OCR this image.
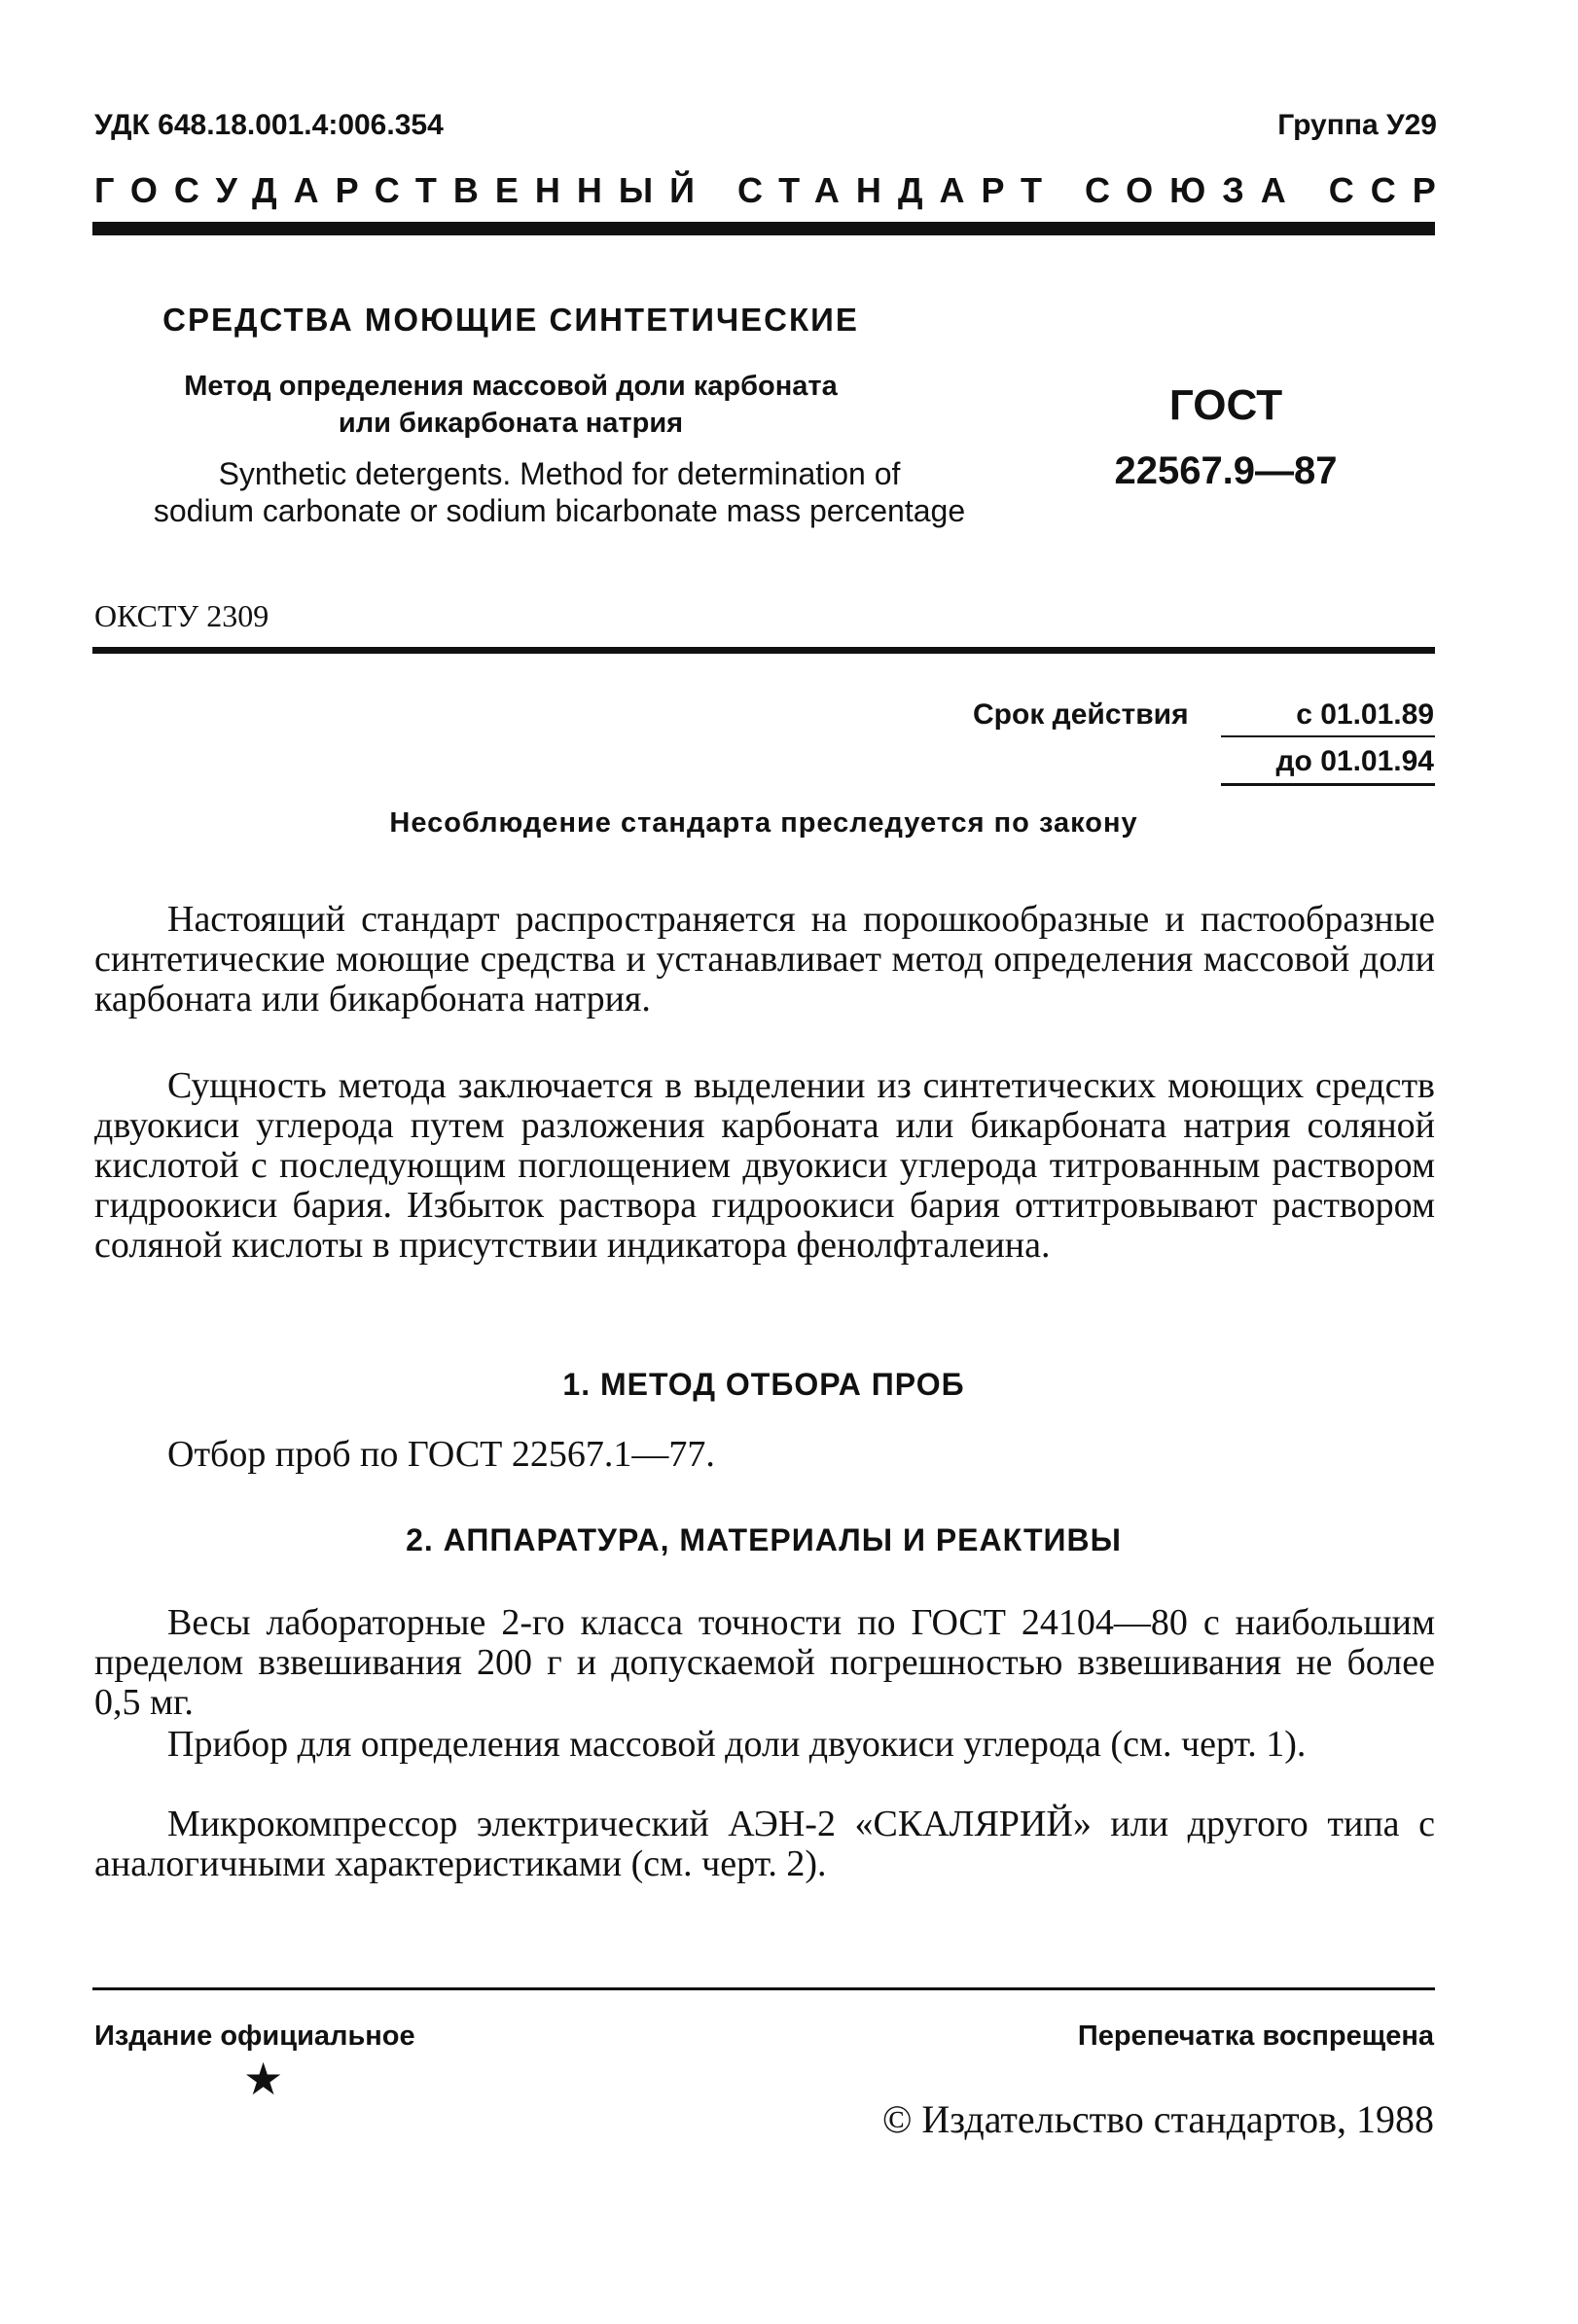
УДК 648.18.001.4:006.354	Группа У29
ГОСУДАРСТВЕННЫЙ СТАНДАРТ СОЮЗА ССР
СРЕДСТВА МОЮЩИЕ СИНТЕТИЧЕСКИЕ
Метод определения массовой доли карбоната
или бикарбоната натрия	ГОСТ
22567.9—87
Synthetic detergents. Method for determination of
sodium carbonate or sodium bicarbonate mass percentage
ОКСТУ 2309
Срок действия	с 01.01.89
до 01.01.94
Несоблюдение стандарта преследуется по закону

Настоящий стандарт распространяется на порошкообразные и пастообразные синтетические моющие средства и устанавливает метод определения массовой доли карбоната или бикарбоната натрия.

Сущность метода заключается в выделении из синтетических моющих средств двуокиси углерода путем разложения карбоната или бикарбоната натрия соляной кислотой с последующим поглощением двуокиси углерода титрованным раствором гидроокиси бария. Избыток раствора гидроокиси бария оттитровывают раствором соляной кислоты в присутствии индикатора фенолфталеина.

1. МЕТОД ОТБОРА ПРОБ

Отбор проб по ГОСТ 22567.1—77.

2. АППАРАТУРА, МАТЕРИАЛЫ И РЕАКТИВЫ

Весы лабораторные 2-го класса точности по ГОСТ 24104—80 с наибольшим пределом взвешивания 200 г и допускаемой погрешностью взвешивания не более 0,5 мг.

Прибор для определения массовой доли двуокиси углерода (см. черт. 1).

Микрокомпрессор электрический АЭН-2 «СКАЛЯРИЙ» или другого типа с аналогичными характеристиками (см. черт. 2).

Издание официальное	Перепечатка воспрещена
★
© Издательство стандартов, 1988
